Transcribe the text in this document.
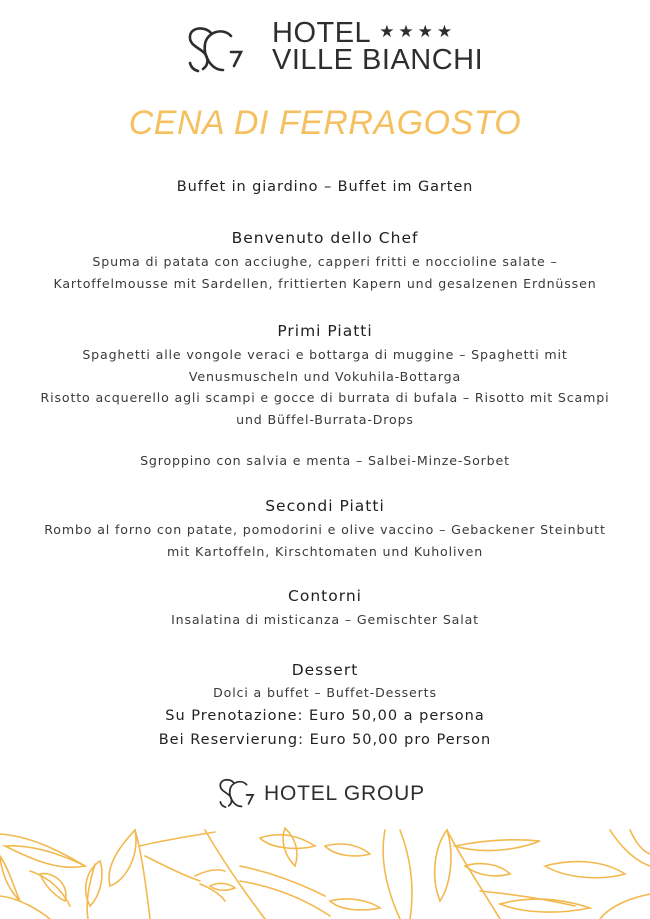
HOTEL ★★★★
VILLE BIANCHI
CENA DI FERRAGOSTO
Buffet in giardino – Buffet im Garten
Benvenuto dello Chef

Spuma di patata con acciughe, capperi fritti e noccioline salate –

Kartoffelmousse mit Sardellen, frittierten Kapern und gesalzenen Erdnüssen

Primi Piatti

Spaghetti alle vongole veraci e bottarga di muggine – Spaghetti mit

Venusmuscheln und Vokuhila-Bottarga

Risotto acquerello agli scampi e gocce di burrata di bufala – Risotto mit Scampi

und Büffel-Burrata-Drops

Sgroppino con salvia e menta – Salbei-Minze-Sorbet

Secondi Piatti

Rombo al forno con patate, pomodorini e olive vaccino – Gebackener Steinbutt

mit Kartoffeln, Kirschtomaten und Kuholiven

Contorni

Insalatina di misticanza – Gemischter Salat

Dessert

Dolci a buffet – Buffet-Desserts

Su Prenotazione: Euro 50,00 a persona

Bei Reservierung: Euro 50,00 pro Person

HOTEL GROUP
